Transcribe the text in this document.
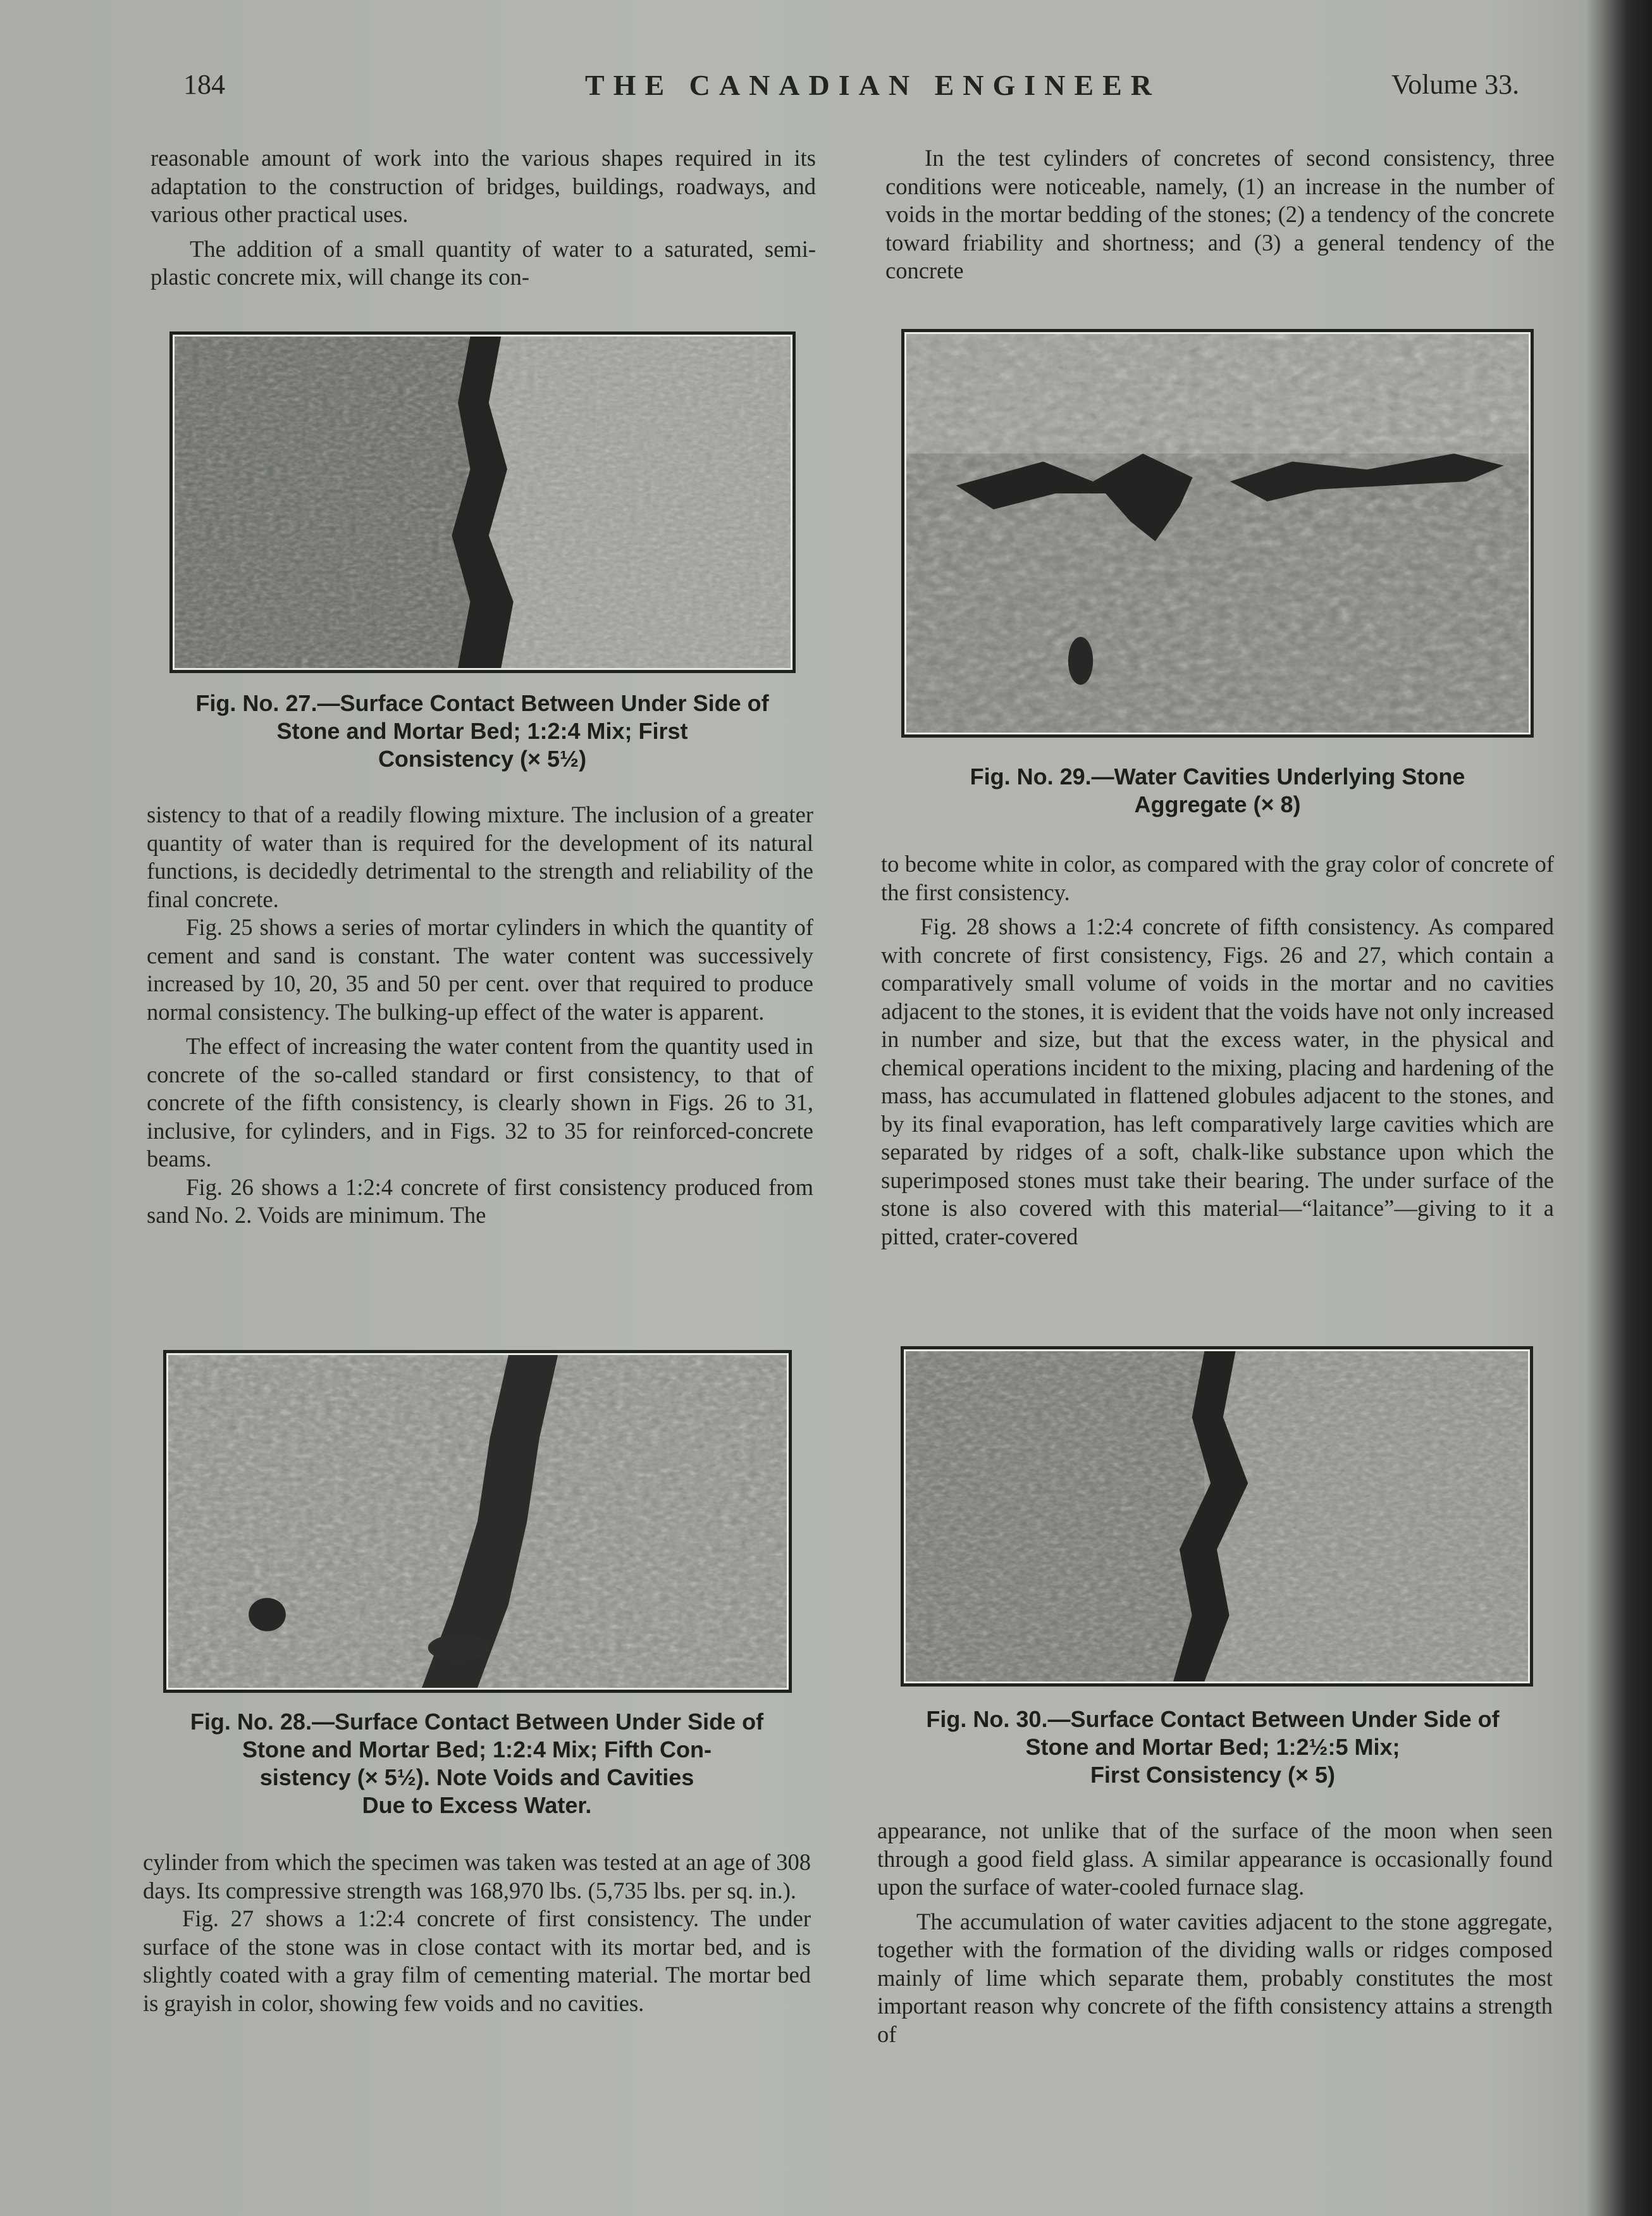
184	THE CANADIAN ENGINEER	Volume 33.

reasonable amount of work into the various shapes required in its adaptation to the construction of bridges, buildings, roadways, and various other practical uses.

The addition of a small quantity of water to a saturated, semi-plastic concrete mix, will change its con-

Fig. No. 27.—Surface Contact Between Under Side of
Stone and Mortar Bed; 1:2:4 Mix; First
Consistency (× 5½)

sistency to that of a readily flowing mixture. The inclusion of a greater quantity of water than is required for the development of its natural functions, is decidedly detrimental to the strength and reliability of the final concrete.

Fig. 25 shows a series of mortar cylinders in which the quantity of cement and sand is constant. The water content was successively increased by 10, 20, 35 and 50 per cent. over that required to produce normal consistency. The bulking-up effect of the water is apparent.

The effect of increasing the water content from the quantity used in concrete of the so-called standard or first consistency, to that of concrete of the fifth consistency, is clearly shown in Figs. 26 to 31, inclusive, for cylinders, and in Figs. 32 to 35 for reinforced-concrete beams.

Fig. 26 shows a 1:2:4 concrete of first consistency produced from sand No. 2. Voids are minimum. The

Fig. No. 28.—Surface Contact Between Under Side of
Stone and Mortar Bed; 1:2:4 Mix; Fifth Con-
sistency (× 5½). Note Voids and Cavities
Due to Excess Water.

cylinder from which the specimen was taken was tested at an age of 308 days. Its compressive strength was 168,970 lbs. (5,735 lbs. per sq. in.).

Fig. 27 shows a 1:2:4 concrete of first consistency. The under surface of the stone was in close contact with its mortar bed, and is slightly coated with a gray film of cementing material. The mortar bed is grayish in color, showing few voids and no cavities.

In the test cylinders of concretes of second consistency, three conditions were noticeable, namely, (1) an increase in the number of voids in the mortar bedding of the stones; (2) a tendency of the concrete toward friability and shortness; and (3) a general tendency of the concrete

Fig. No. 29.—Water Cavities Underlying Stone
Aggregate (× 8)

to become white in color, as compared with the gray color of concrete of the first consistency.

Fig. 28 shows a 1:2:4 concrete of fifth consistency. As compared with concrete of first consistency, Figs. 26 and 27, which contain a comparatively small volume of voids in the mortar and no cavities adjacent to the stones, it is evident that the voids have not only increased in number and size, but that the excess water, in the physical and chemical operations incident to the mixing, placing and hardening of the mass, has accumulated in flattened globules adjacent to the stones, and by its final evaporation, has left comparatively large cavities which are separated by ridges of a soft, chalk-like substance upon which the superimposed stones must take their bearing. The under surface of the stone is also covered with this material—“laitance”—giving to it a pitted, crater-covered

Fig. No. 30.—Surface Contact Between Under Side of
Stone and Mortar Bed; 1:2½:5 Mix;
First Consistency (× 5)

appearance, not unlike that of the surface of the moon when seen through a good field glass. A similar appearance is occasionally found upon the surface of water-cooled furnace slag.

The accumulation of water cavities adjacent to the stone aggregate, together with the formation of the dividing walls or ridges composed mainly of lime which separate them, probably constitutes the most important reason why concrete of the fifth consistency attains a strength of
